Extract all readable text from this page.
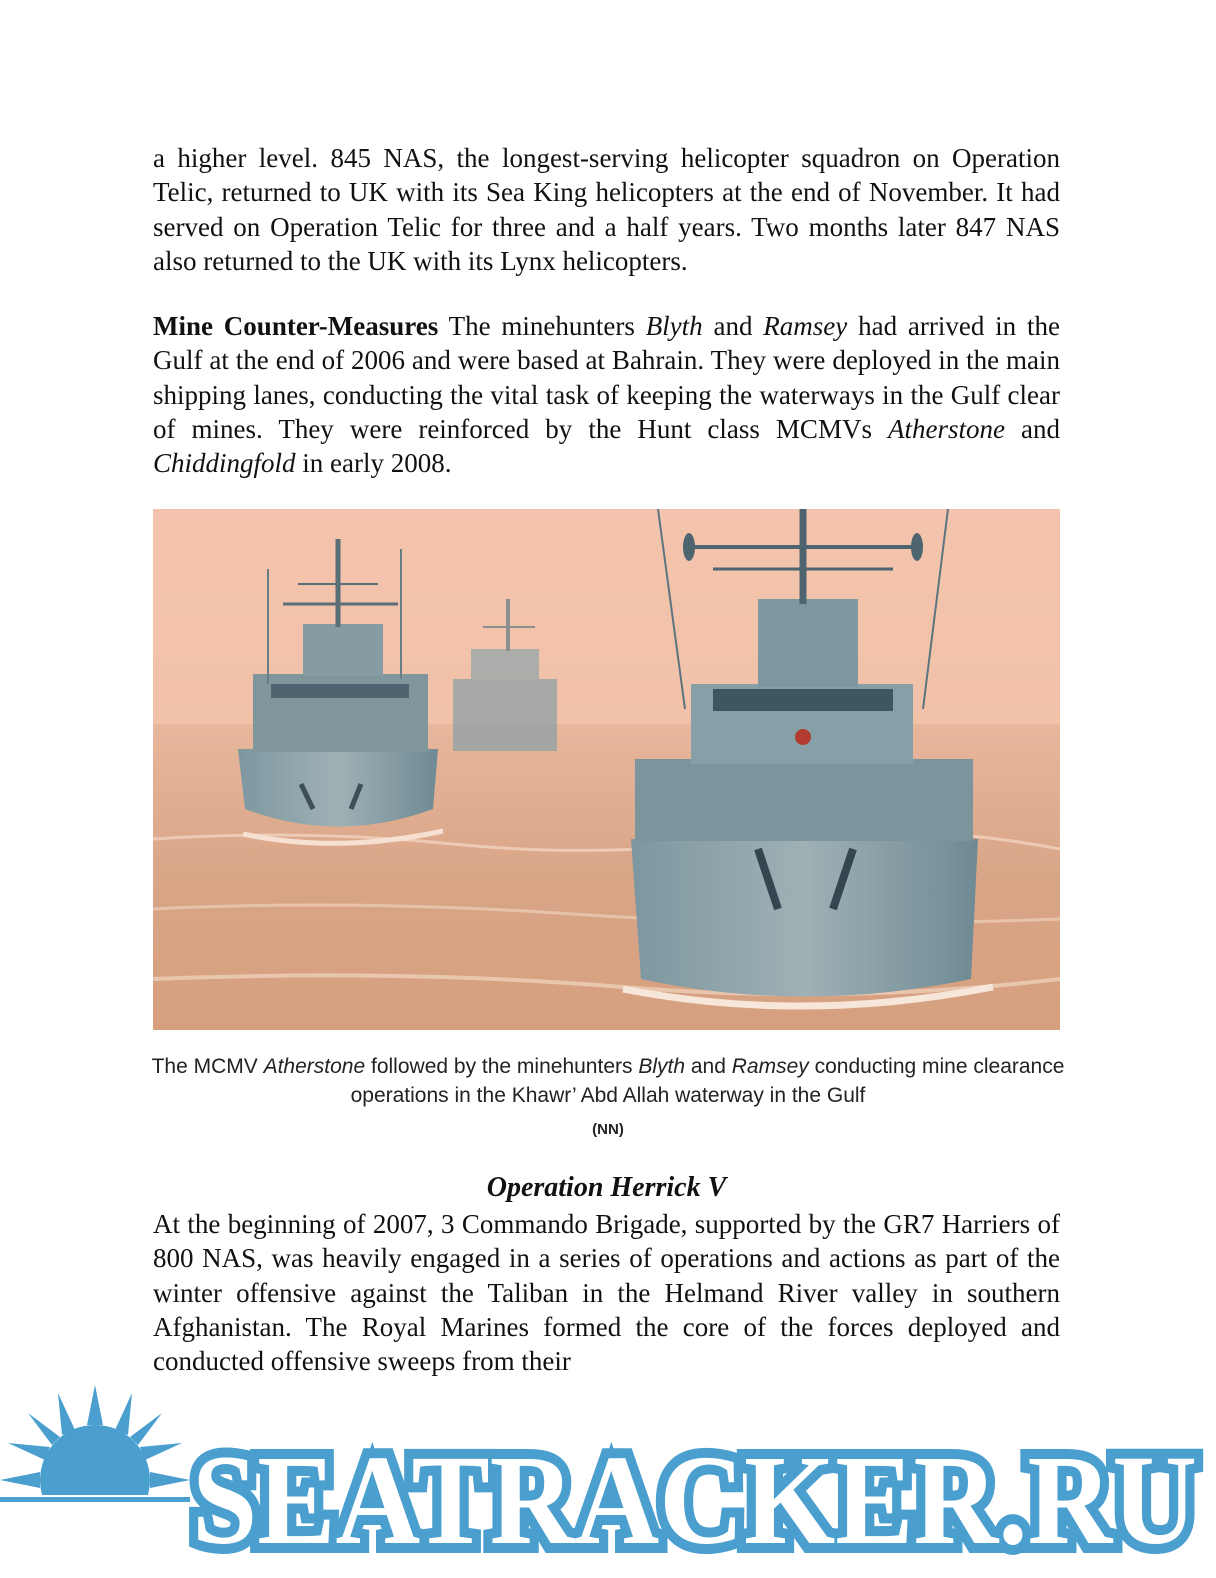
a higher level. 845 NAS, the longest-serving helicopter squadron on Operation Telic, returned to UK with its Sea King helicopters at the end of November. It had served on Operation Telic for three and a half years. Two months later 847 NAS also returned to the UK with its Lynx helicopters.

Mine Counter-Measures The minehunters Blyth and Ramsey had arrived in the Gulf at the end of 2006 and were based at Bahrain. They were deployed in the main shipping lanes, conducting the vital task of keeping the waterways in the Gulf clear of mines. They were reinforced by the Hunt class MCMVs Atherstone and Chiddingfold in early 2008.

The MCMV Atherstone followed by the minehunters Blyth and Ramsey conducting mine clearance operations in the Khawr’ Abd Allah waterway in the Gulf
(NN)
Operation Herrick V

At the beginning of 2007, 3 Commando Brigade, supported by the GR7 Harriers of 800 NAS, was heavily engaged in a series of operations and actions as part of the winter offensive against the Taliban in the Helmand River valley in southern Afghanistan. The Royal Marines formed the core of the forces deployed and conducted offensive sweeps from their

SEATRACKER.RU
